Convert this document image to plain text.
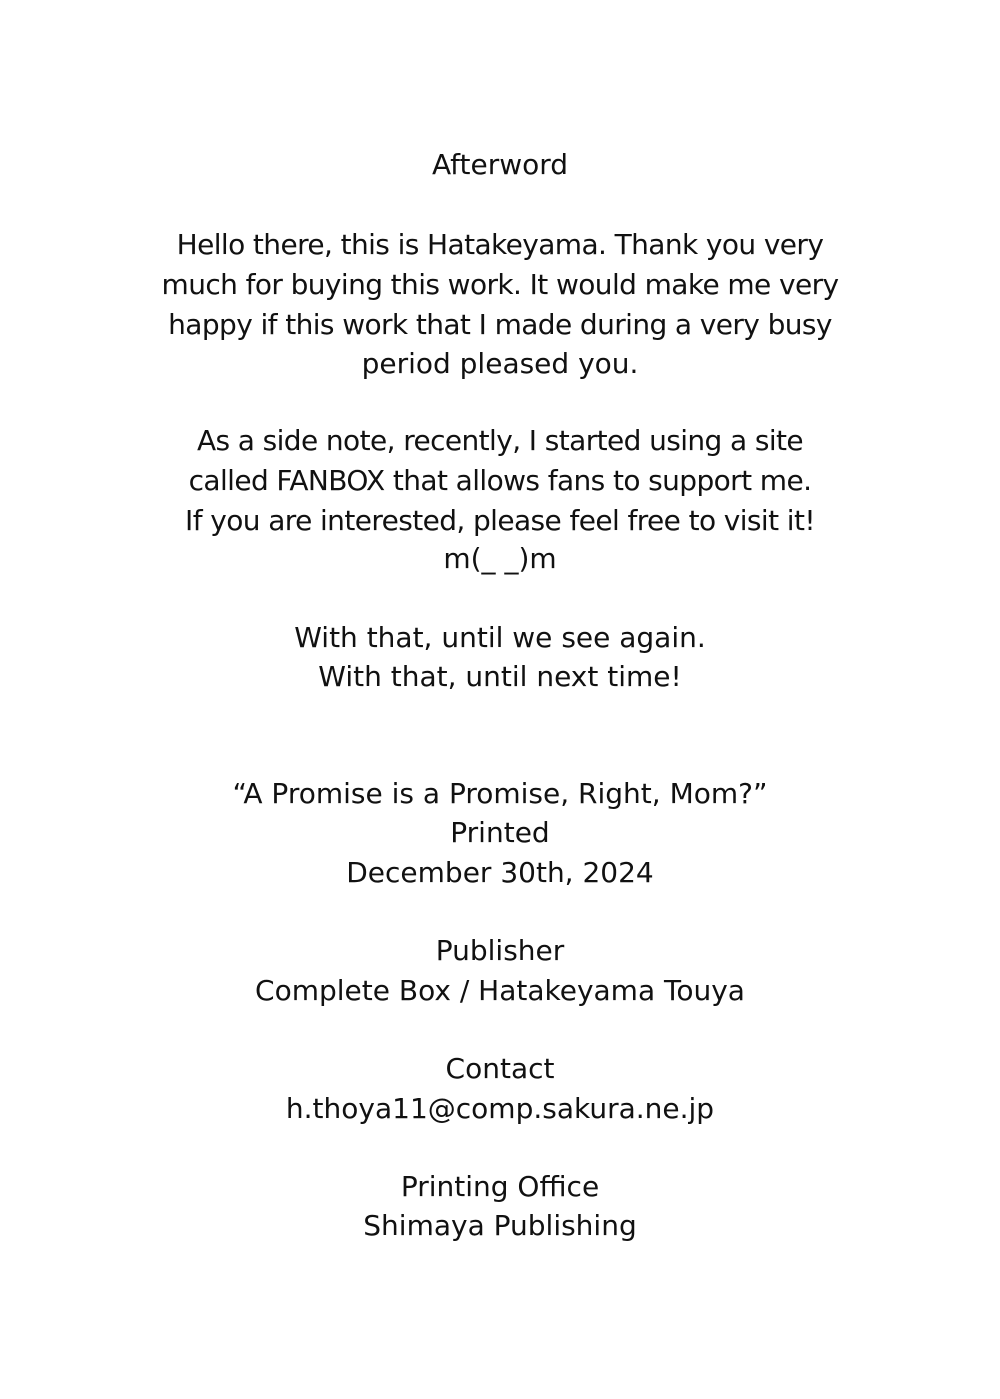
Afterword
Hello there, this is Hatakeyama. Thank you very
much for buying this work. It would make me very
happy if this work that I made during a very busy
period pleased you.
As a side note, recently, I started using a site
called FANBOX that allows fans to support me.
If you are interested, please feel free to visit it!
m(_ _)m
With that, until we see again.
With that, until next time!
“A Promise is a Promise, Right, Mom?”
Printed
December 30th, 2024
Publisher
Complete Box / Hatakeyama Touya
Contact
h.thoya11@comp.sakura.ne.jp
Printing Office
Shimaya Publishing
